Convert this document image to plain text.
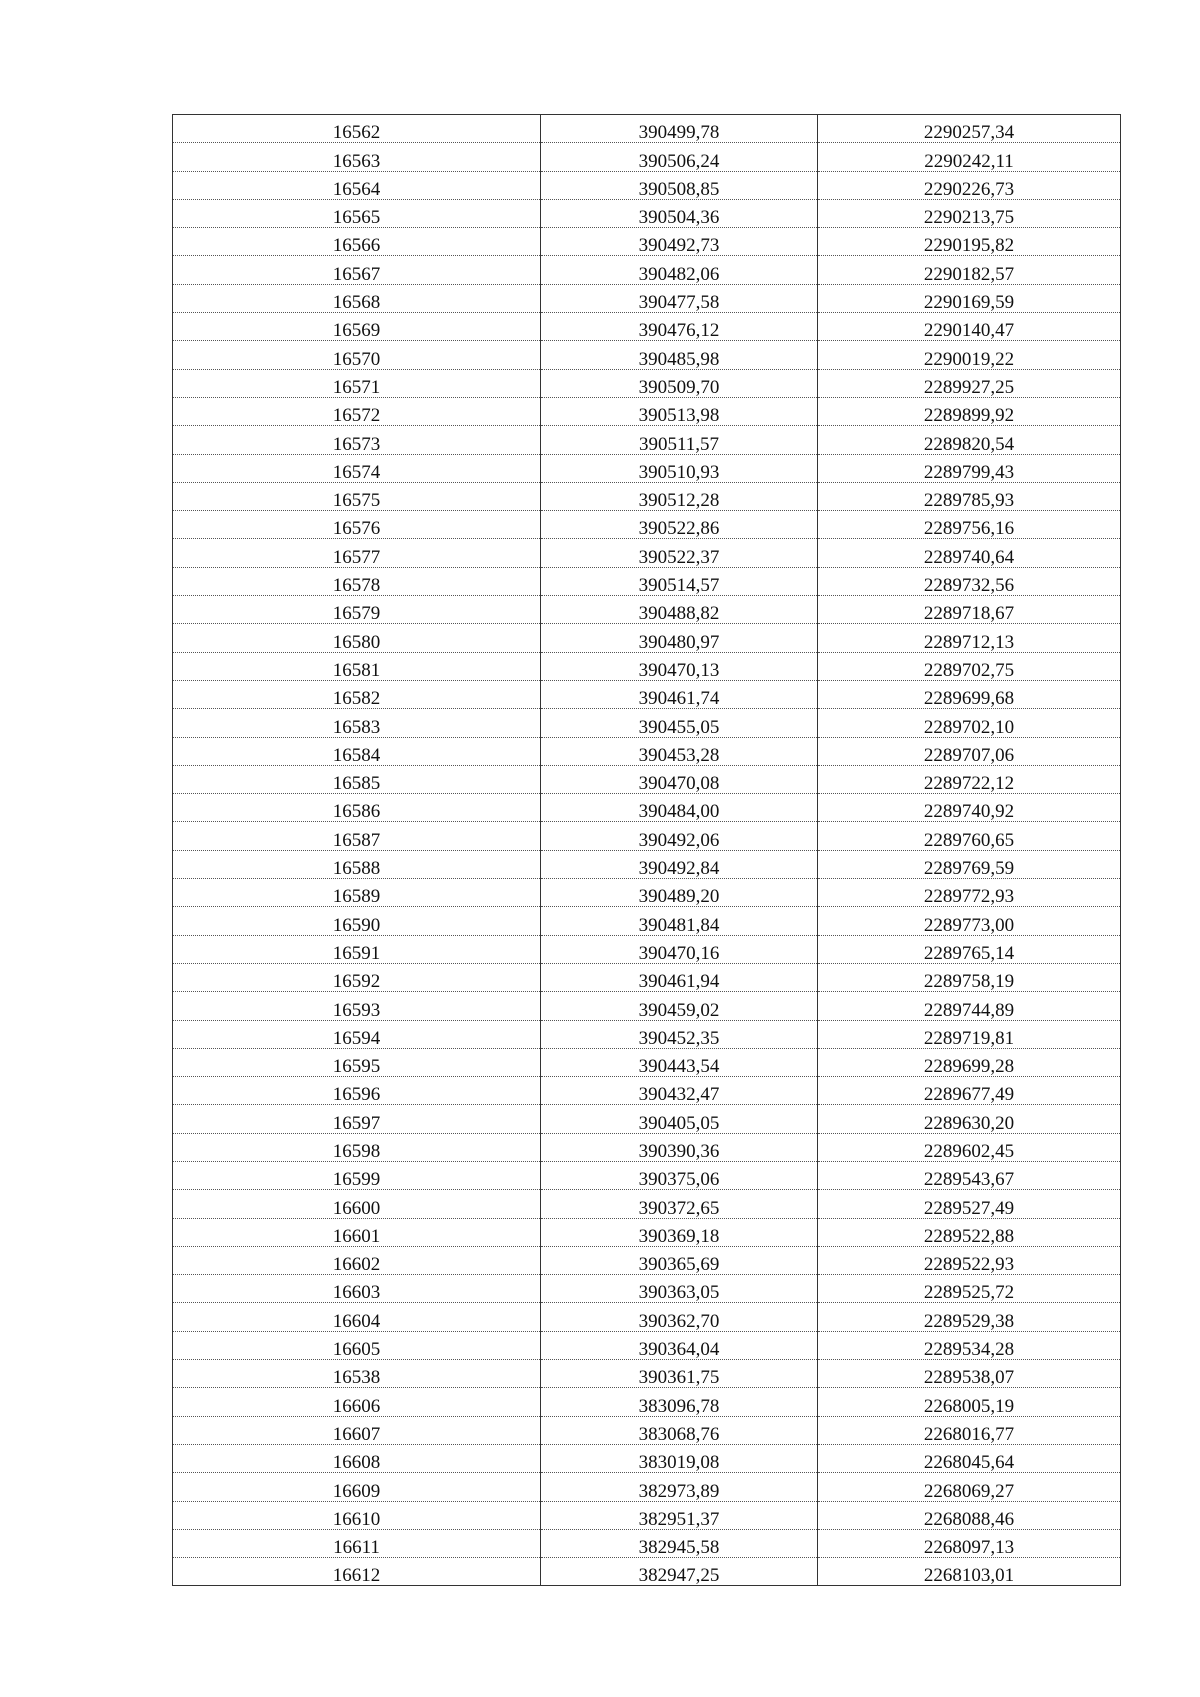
16562	390499,78	2290257,34
16563	390506,24	2290242,11
16564	390508,85	2290226,73
16565	390504,36	2290213,75
16566	390492,73	2290195,82
16567	390482,06	2290182,57
16568	390477,58	2290169,59
16569	390476,12	2290140,47
16570	390485,98	2290019,22
16571	390509,70	2289927,25
16572	390513,98	2289899,92
16573	390511,57	2289820,54
16574	390510,93	2289799,43
16575	390512,28	2289785,93
16576	390522,86	2289756,16
16577	390522,37	2289740,64
16578	390514,57	2289732,56
16579	390488,82	2289718,67
16580	390480,97	2289712,13
16581	390470,13	2289702,75
16582	390461,74	2289699,68
16583	390455,05	2289702,10
16584	390453,28	2289707,06
16585	390470,08	2289722,12
16586	390484,00	2289740,92
16587	390492,06	2289760,65
16588	390492,84	2289769,59
16589	390489,20	2289772,93
16590	390481,84	2289773,00
16591	390470,16	2289765,14
16592	390461,94	2289758,19
16593	390459,02	2289744,89
16594	390452,35	2289719,81
16595	390443,54	2289699,28
16596	390432,47	2289677,49
16597	390405,05	2289630,20
16598	390390,36	2289602,45
16599	390375,06	2289543,67
16600	390372,65	2289527,49
16601	390369,18	2289522,88
16602	390365,69	2289522,93
16603	390363,05	2289525,72
16604	390362,70	2289529,38
16605	390364,04	2289534,28
16538	390361,75	2289538,07
16606	383096,78	2268005,19
16607	383068,76	2268016,77
16608	383019,08	2268045,64
16609	382973,89	2268069,27
16610	382951,37	2268088,46
16611	382945,58	2268097,13
16612	382947,25	2268103,01
